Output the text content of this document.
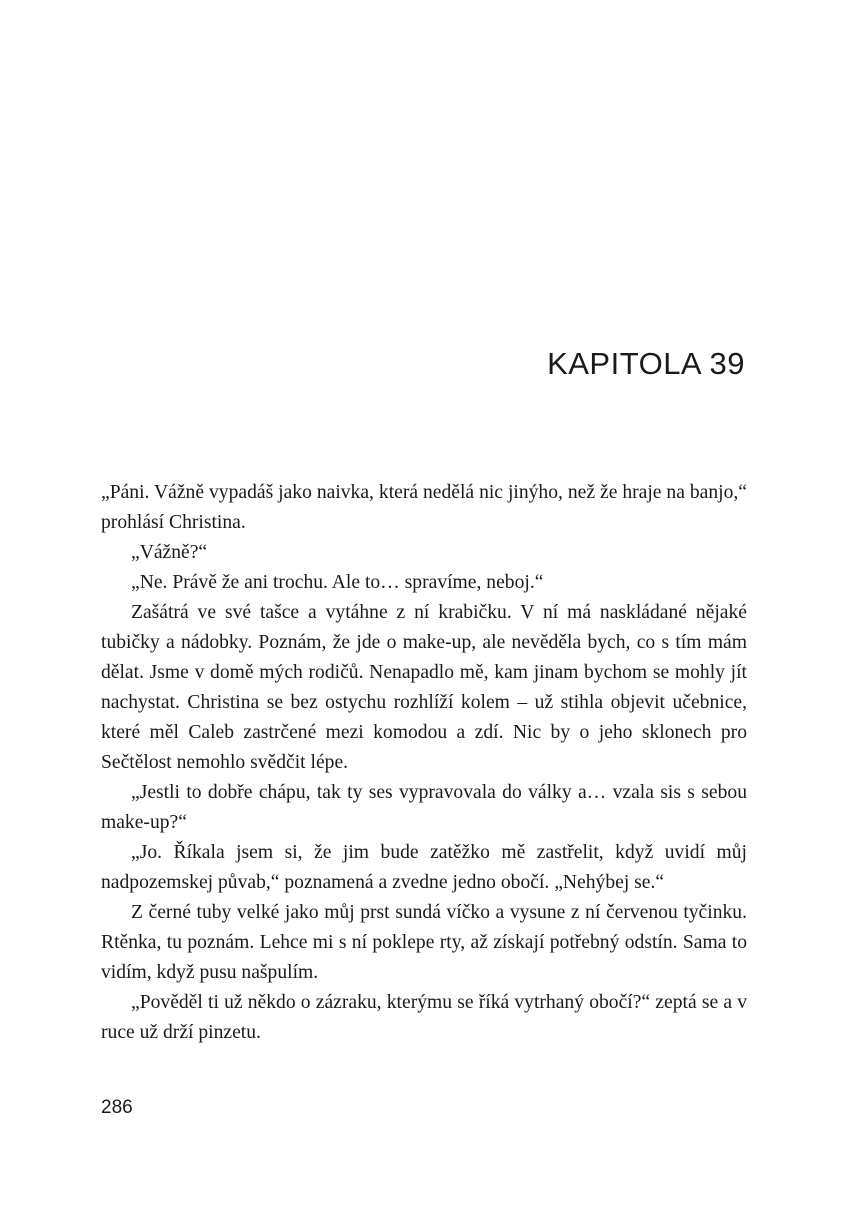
KAPITOLA 39

„Páni. Vážně vypadáš jako naivka, která nedělá nic jinýho, než že hraje na banjo,“ prohlásí Christina.

„Vážně?“

„Ne. Právě že ani trochu. Ale to… spravíme, neboj.“

Zašátrá ve své tašce a vytáhne z ní krabičku. V ní má naskládané nějaké tubičky a nádobky. Poznám, že jde o make-up, ale nevěděla bych, co s tím mám dělat. Jsme v domě mých rodičů. Nenapadlo mě, kam jinam bychom se mohly jít nachystat. Christina se bez ostychu rozhlíží kolem – už stihla objevit učebnice, které měl Caleb zastrčené mezi komodou a zdí. Nic by o jeho sklonech pro Sečtělost nemohlo svědčit lépe.

„Jestli to dobře chápu, tak ty ses vypravovala do války a… vzala sis s sebou make-up?“

„Jo. Říkala jsem si, že jim bude zatěžko mě zastřelit, když uvidí můj nadpozemskej půvab,“ poznamená a zvedne jedno obočí. „Nehýbej se.“

Z černé tuby velké jako můj prst sundá víčko a vysune z ní červenou tyčinku. Rtěnka, tu poznám. Lehce mi s ní poklepe rty, až získají potřebný odstín. Sama to vidím, když pusu našpulím.

„Pověděl ti už někdo o zázraku, kterýmu se říká vytrhaný obočí?“ zeptá se a v ruce už drží pinzetu.

286
